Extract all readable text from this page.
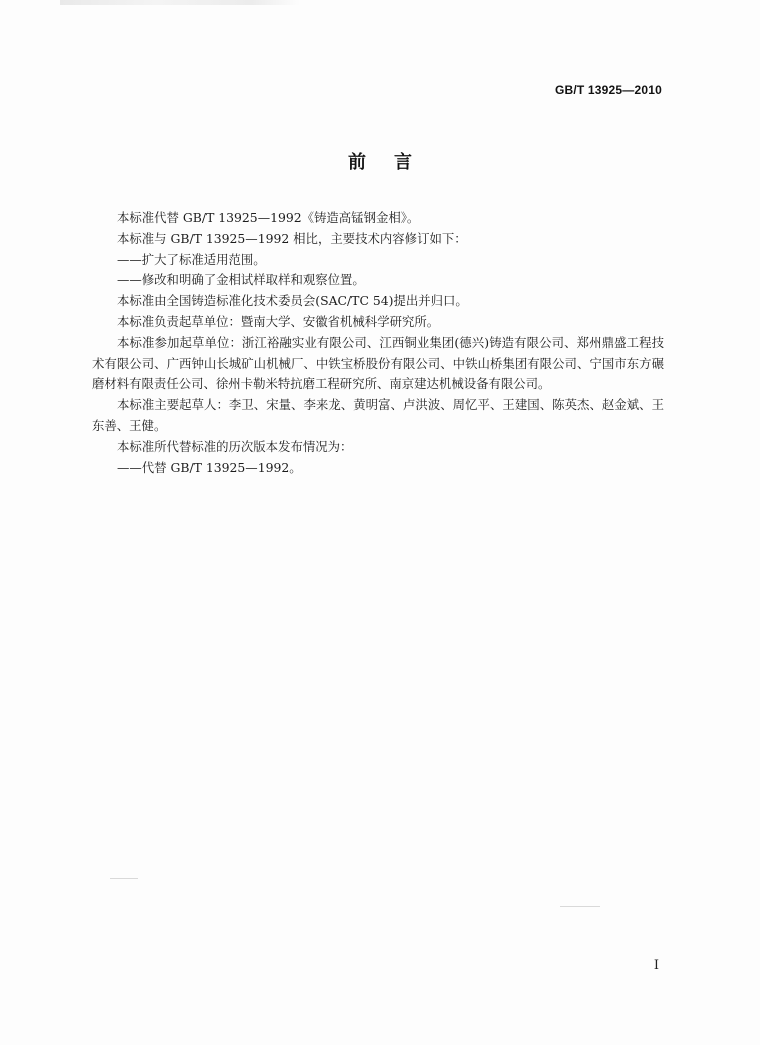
GB/T 13925—2010
前言

本标准代替 GB/T 13925—1992《铸造高锰钢金相》。

本标准与 GB/T 13925—1992 相比，主要技术内容修订如下：

——扩大了标准适用范围。

——修改和明确了金相试样取样和观察位置。

本标准由全国铸造标准化技术委员会(SAC/TC 54)提出并归口。

本标准负责起草单位：暨南大学、安徽省机械科学研究所。

本标准参加起草单位：浙江裕融实业有限公司、江西铜业集团(德兴)铸造有限公司、郑州鼎盛工程技术有限公司、广西钟山长城矿山机械厂、中铁宝桥股份有限公司、中铁山桥集团有限公司、宁国市东方碾磨材料有限责任公司、徐州卡勒米特抗磨工程研究所、南京建达机械设备有限公司。

本标准主要起草人：李卫、宋量、李来龙、黄明富、卢洪波、周忆平、王建国、陈英杰、赵金斌、王东善、王健。

本标准所代替标准的历次版本发布情况为：

——代替 GB/T 13925—1992。

I
